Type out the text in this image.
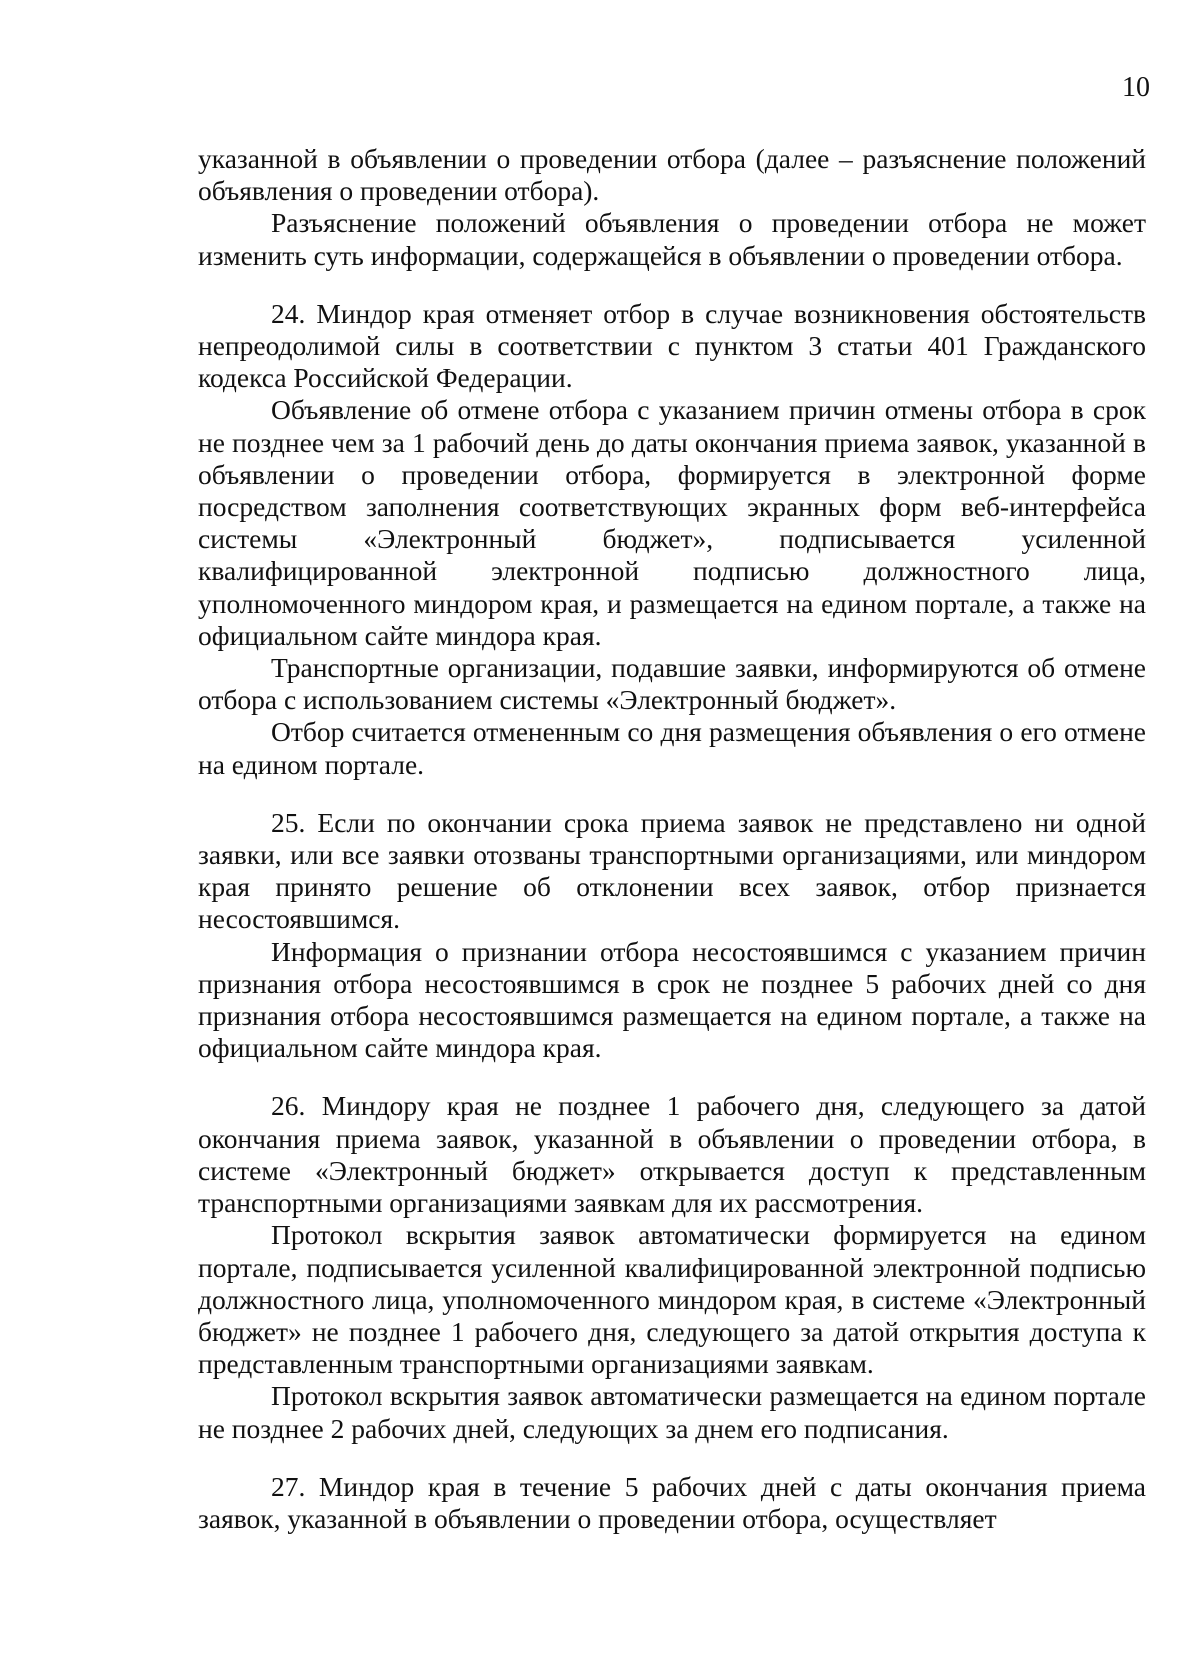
10

указанной в объявлении о проведении отбора (далее – разъяснение положений объявления о проведении отбора).

Разъяснение положений объявления о проведении отбора не может изменить суть информации, содержащейся в объявлении о проведении отбора.

24. Миндор края отменяет отбор в случае возникновения обстоятельств непреодолимой силы в соответствии с пунктом 3 статьи 401 Гражданского кодекса Российской Федерации.

Объявление об отмене отбора с указанием причин отмены отбора в срок не позднее чем за 1 рабочий день до даты окончания приема заявок, указанной в объявлении о проведении отбора, формируется в электронной форме посредством заполнения соответствующих экранных форм веб-интерфейса системы «Электронный бюджет», подписывается усиленной квалифицированной электронной подписью должностного лица, уполномоченного миндором края, и размещается на едином портале, а также на официальном сайте миндора края.

Транспортные организации, подавшие заявки, информируются об отмене отбора с использованием системы «Электронный бюджет».

Отбор считается отмененным со дня размещения объявления о его отмене на едином портале.

25. Если по окончании срока приема заявок не представлено ни одной заявки, или все заявки отозваны транспортными организациями, или миндором края принято решение об отклонении всех заявок, отбор признается несостоявшимся.

Информация о признании отбора несостоявшимся с указанием причин признания отбора несостоявшимся в срок не позднее 5 рабочих дней со дня признания отбора несостоявшимся размещается на едином портале, а также на официальном сайте миндора края.

26. Миндору края не позднее 1 рабочего дня, следующего за датой окончания приема заявок, указанной в объявлении о проведении отбора, в системе «Электронный бюджет» открывается доступ к представленным транспортными организациями заявкам для их рассмотрения.

Протокол вскрытия заявок автоматически формируется на едином портале, подписывается усиленной квалифицированной электронной подписью должностного лица, уполномоченного миндором края, в системе «Электронный бюджет» не позднее 1 рабочего дня, следующего за датой открытия доступа к представленным транспортными организациями заявкам.

Протокол вскрытия заявок автоматически размещается на едином портале не позднее 2 рабочих дней, следующих за днем его подписания.

27. Миндор края в течение 5 рабочих дней с даты окончания приема заявок, указанной в объявлении о проведении отбора, осуществляет
